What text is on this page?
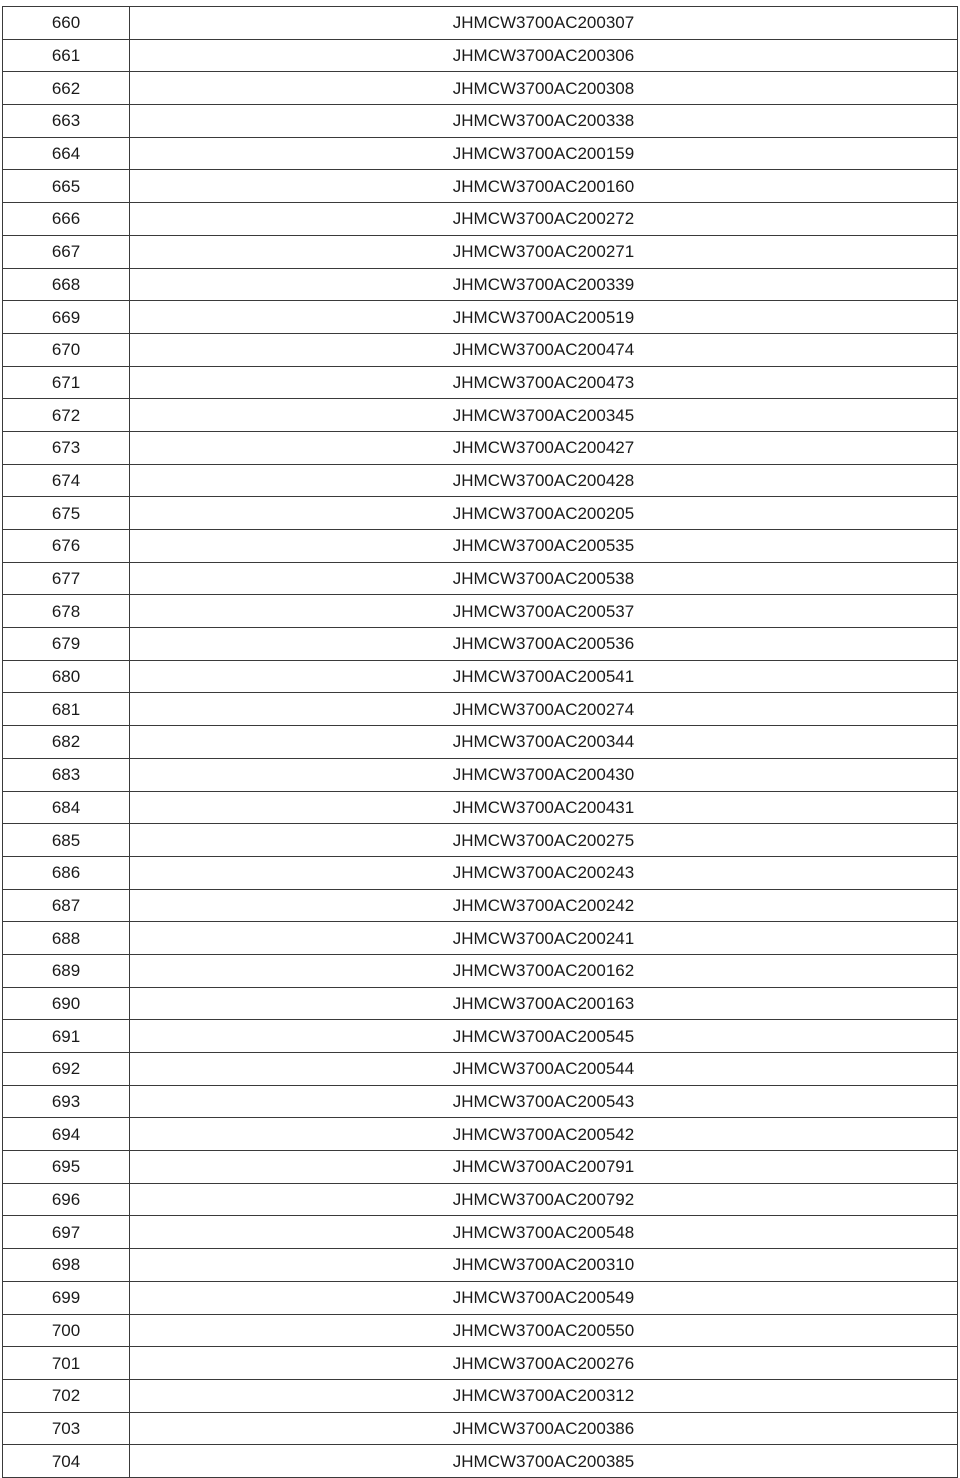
660	JHMCW3700AC200307
661	JHMCW3700AC200306
662	JHMCW3700AC200308
663	JHMCW3700AC200338
664	JHMCW3700AC200159
665	JHMCW3700AC200160
666	JHMCW3700AC200272
667	JHMCW3700AC200271
668	JHMCW3700AC200339
669	JHMCW3700AC200519
670	JHMCW3700AC200474
671	JHMCW3700AC200473
672	JHMCW3700AC200345
673	JHMCW3700AC200427
674	JHMCW3700AC200428
675	JHMCW3700AC200205
676	JHMCW3700AC200535
677	JHMCW3700AC200538
678	JHMCW3700AC200537
679	JHMCW3700AC200536
680	JHMCW3700AC200541
681	JHMCW3700AC200274
682	JHMCW3700AC200344
683	JHMCW3700AC200430
684	JHMCW3700AC200431
685	JHMCW3700AC200275
686	JHMCW3700AC200243
687	JHMCW3700AC200242
688	JHMCW3700AC200241
689	JHMCW3700AC200162
690	JHMCW3700AC200163
691	JHMCW3700AC200545
692	JHMCW3700AC200544
693	JHMCW3700AC200543
694	JHMCW3700AC200542
695	JHMCW3700AC200791
696	JHMCW3700AC200792
697	JHMCW3700AC200548
698	JHMCW3700AC200310
699	JHMCW3700AC200549
700	JHMCW3700AC200550
701	JHMCW3700AC200276
702	JHMCW3700AC200312
703	JHMCW3700AC200386
704	JHMCW3700AC200385
